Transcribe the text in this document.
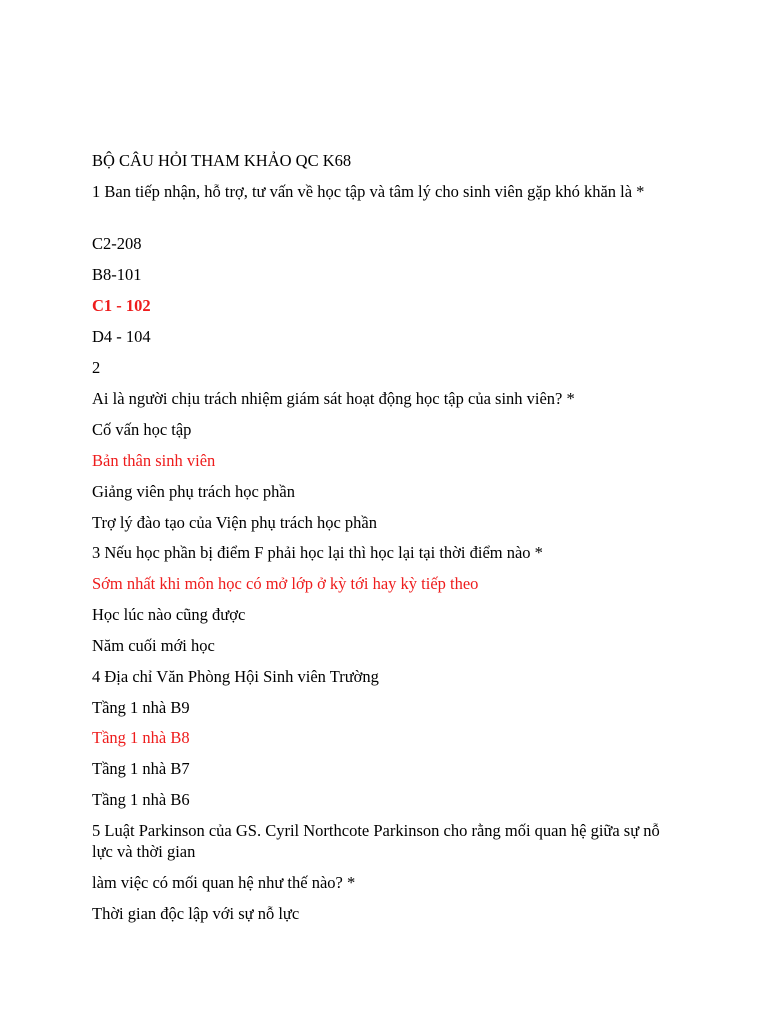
BỘ CÂU HỎI THAM KHẢO QC K68
1 Ban tiếp nhận, hỗ trợ, tư vấn về học tập và tâm lý cho sinh viên gặp khó khăn là *
C2-208
B8-101
C1 - 102
D4 - 104
2
Ai là người chịu trách nhiệm giám sát hoạt động học tập của sinh viên? *
Cố vấn học tập
Bản thân sinh viên
Giảng viên phụ trách học phần
Trợ lý đào tạo của Viện phụ trách học phần
3 Nếu học phần bị điểm F phải học lại thì học lại tại thời điểm nào *
Sớm nhất khi môn học có mở lớp ở kỳ tới hay kỳ tiếp theo
Học lúc nào cũng được
Năm cuối mới học
4 Địa chỉ Văn Phòng Hội Sinh viên Trường
Tầng 1 nhà B9
Tầng 1 nhà B8
Tầng 1 nhà B7
Tầng 1 nhà B6
5 Luật Parkinson của GS. Cyril Northcote Parkinson cho rằng mối quan hệ giữa sự nỗ lực và thời gian
làm việc có mối quan hệ như thế nào? *
Thời gian độc lập với sự nỗ lực
